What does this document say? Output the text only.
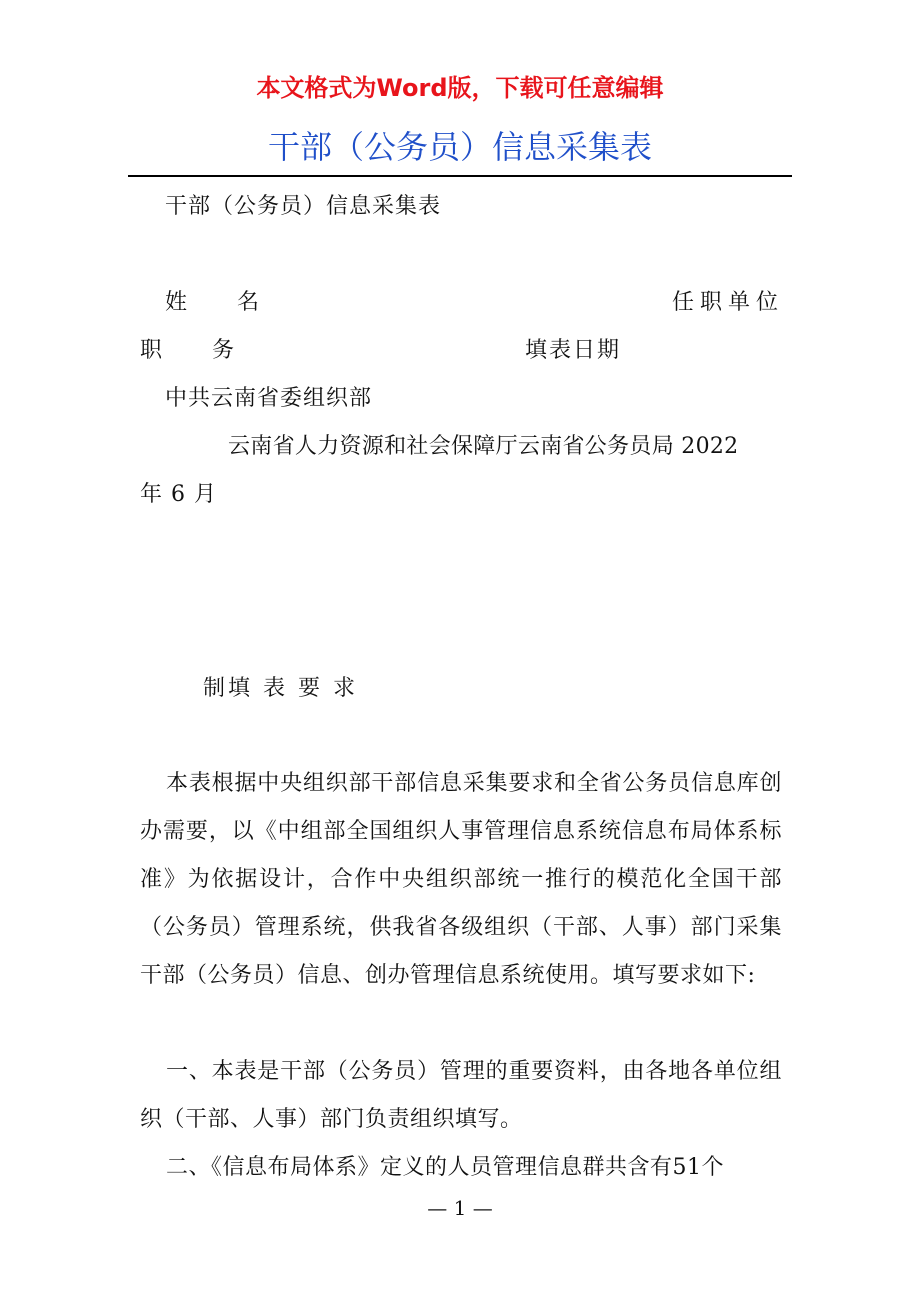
本文格式为Word版，下载可任意编辑
干部（公务员）信息采集表
干部（公务员）信息采集表
姓　　名	任职单位
职　　务	填表日期
中共云南省委组织部
云南省人力资源和社会保障厅云南省公务员局 2022
年 6 月
制填 表 要 求
本表根据中央组织部干部信息采集要求和全省公务员信息库创办需要，以《中组部全国组织人事管理信息系统信息布局体系标准》为依据设计，合作中央组织部统一推行的模范化全国干部（公务员）管理系统，供我省各级组织（干部、人事）部门采集干部（公务员）信息、创办管理信息系统使用。填写要求如下:
一、本表是干部（公务员）管理的重要资料，由各地各单位组织（干部、人事）部门负责组织填写。
二、《信息布局体系》定义的人员管理信息群共含有51个
— 1 —
